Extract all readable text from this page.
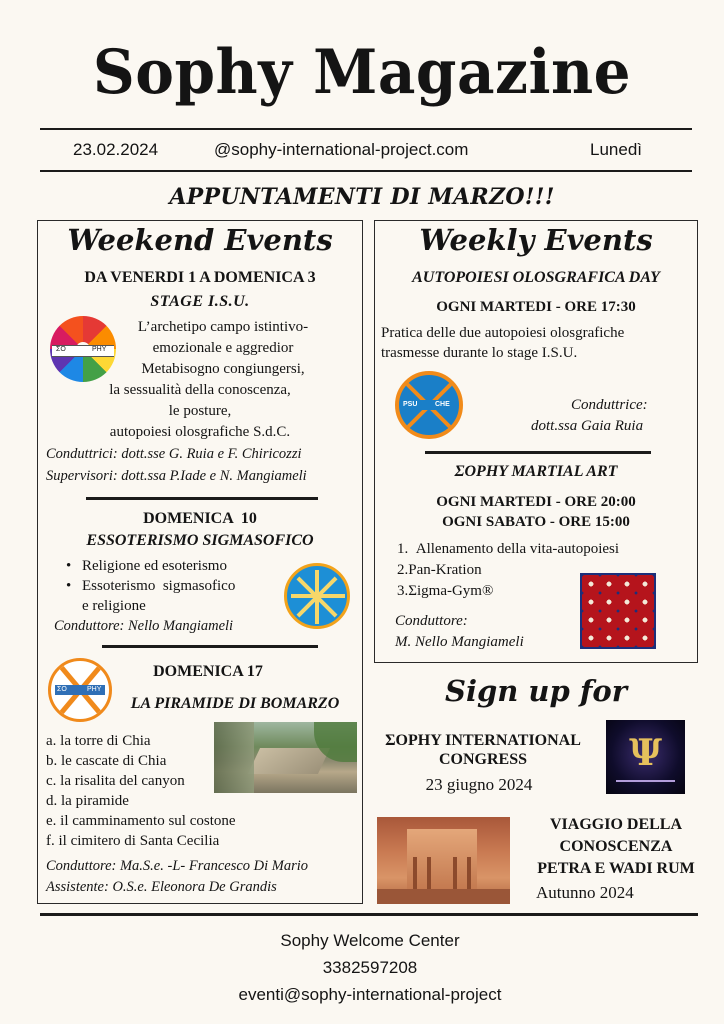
Sophy Magazine
23.02.2024	@sophy-international-project.com	Lunedì
APPUNTAMENTI DI MARZO!!!
Weekend Events
DA VENERDI 1 A DOMENICA 3
STAGE I.S.U.
ΣO	PHY
L’archetipo campo istintivo-
emozionale e aggredior
Metabisogno congiungersi,
la sessualità della conoscenza,
le posture,
autopoiesi olosgrafiche S.d.C.
Conduttrici: dott.sse G. Ruia e F. Chiricozzi
Supervisori: dott.ssa P.Iade e N. Mangiameli
DOMENICA  10
ESSOTERISMO SIGMASOFICO
• Religione ed esoterismo
• Essoterismo  sigmasofico
e religione
Conduttore: Nello Mangiameli
ΣO	PHY
DOMENICA 17
LA PIRAMIDE DI BOMARZO
a. la torre di Chia
b. le cascate di Chia
c. la risalita del canyon
d. la piramide
e. il camminamento sul costone
f. il cimitero di Santa Cecilia
Conduttore: Ma.S.e. -L- Francesco Di Mario
Assistente: O.S.e. Eleonora De Grandis
Weekly Events
AUTOPOIESI OLOSGRAFICA DAY
OGNI MARTEDI - ORE 17:30
Pratica delle due autopoiesi olosgrafiche
trasmesse durante lo stage I.S.U.
PSU	CHE	Conduttrice:
dott.ssa Gaia Ruia
ΣOPHY MARTIAL ART
OGNI MARTEDI - ORE 20:00
OGNI SABATO - ORE 15:00
1.  Allenamento della vita-autopoiesi
2.Pan-Kration
3.Σigma-Gym®
Conduttore:
M. Nello Mangiameli
Sign up for
ΣOPHY INTERNATIONAL
CONGRESS
23 giugno 2024
Ψ
VIAGGIO DELLA
CONOSCENZA
PETRA E WADI RUM
Autunno 2024
Sophy Welcome Center
3382597208
eventi@sophy-international-project
